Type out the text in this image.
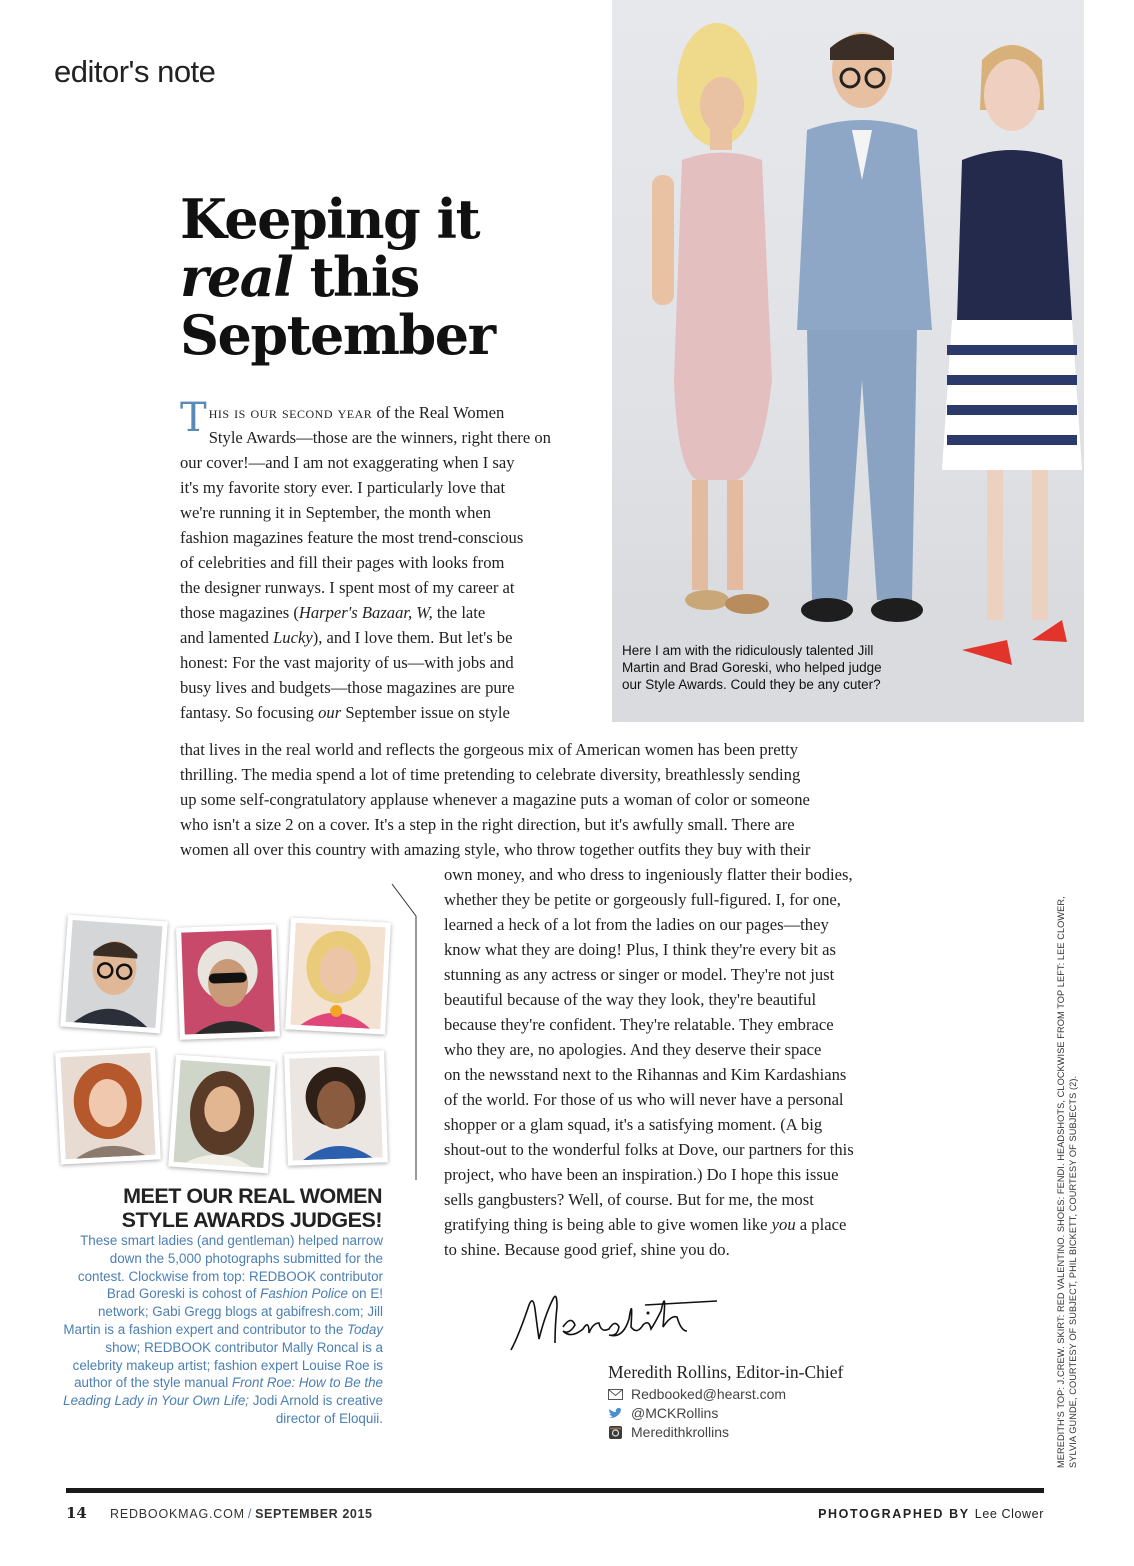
editor's note
Keeping it
real this
September
Here I am with the ridiculously talented Jill Martin and Brad Goreski, who helped judge our Style Awards. Could they be any cuter?

This is our second year of the Real Women

Style Awards—those are the winners, right there on

our cover!—and I am not exaggerating when I say

it's my favorite story ever. I particularly love that

we're running it in September, the month when

fashion magazines feature the most trend-conscious

of celebrities and fill their pages with looks from

the designer runways. I spent most of my career at

those magazines (Harper's Bazaar, W, the late

and lamented Lucky), and I love them. But let's be

honest: For the vast majority of us—with jobs and

busy lives and budgets—those magazines are pure

fantasy. So focusing our September issue on style

that lives in the real world and reflects the gorgeous mix of American women has been pretty

thrilling. The media spend a lot of time pretending to celebrate diversity, breathlessly sending

up some self-congratulatory applause whenever a magazine puts a woman of color or someone

who isn't a size 2 on a cover. It's a step in the right direction, but it's awfully small. There are

women all over this country with amazing style, who throw together outfits they buy with their

own money, and who dress to ingeniously flatter their bodies,

whether they be petite or gorgeously full-figured. I, for one,

learned a heck of a lot from the ladies on our pages—they

know what they are doing! Plus, I think they're every bit as

stunning as any actress or singer or model. They're not just

beautiful because of the way they look, they're beautiful

because they're confident. They're relatable. They embrace

who they are, no apologies. And they deserve their space

on the newsstand next to the Rihannas and Kim Kardashians

of the world. For those of us who will never have a personal

shopper or a glam squad, it's a satisfying moment. (A big

shout-out to the wonderful folks at Dove, our partners for this

project, who have been an inspiration.) Do I hope this issue

sells gangbusters? Well, of course. But for me, the most

gratifying thing is being able to give women like you a place

to shine. Because good grief, shine you do.

MEET OUR REAL WOMEN
STYLE AWARDS JUDGES!
These smart ladies (and gentleman) helped narrow down the 5,000 photographs submitted for the contest. Clockwise from top: REDBOOK contributor Brad Goreski is cohost of Fashion Police on E! network; Gabi Gregg blogs at gabifresh.com; Jill Martin is a fashion expert and contributor to the Today show; REDBOOK contributor Mally Roncal is a celebrity makeup artist; fashion expert Louise Roe is author of the style manual Front Roe: How to Be the Leading Lady in Your Own Life; Jodi Arnold is creative director of Eloquii.
Meredith
Meredith Rollins, Editor-in-Chief
Redbooked@hearst.com
@MCKRollins
Meredithkrollins	MEREDITH'S TOP: J.CREW. SKIRT: RED VALENTINO. SHOES: FENDI. HEADSHOTS, CLOCKWISE FROM TOP LEFT: LEE CLOWER, SYLVIA GUNDE, COURTESY OF SUBJECT, PHIL BICKETT, COURTESY OF SUBJECTS (2).
14 REDBOOKMAG.COM / SEPTEMBER 2015	PHOTOGRAPHED BY Lee Clower
